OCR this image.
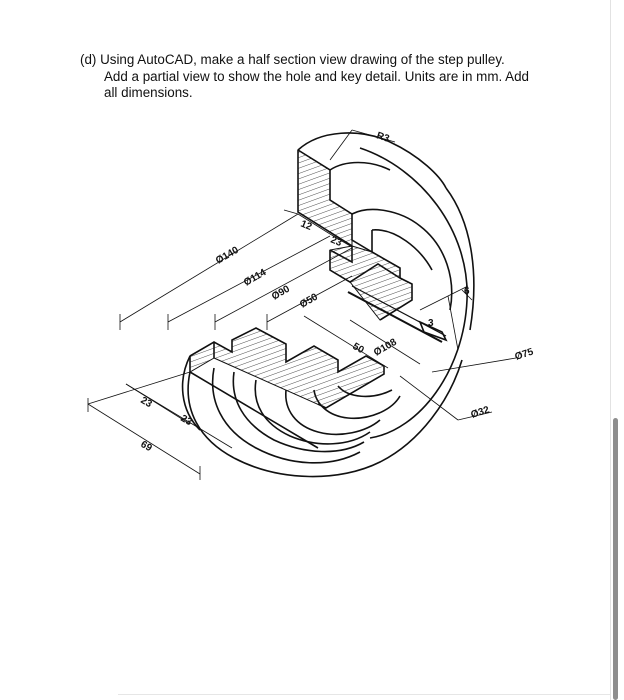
(d) Using AutoCAD, make a half section view drawing of the step pulley.
Add a partial view to show the hole and key detail. Units are in mm. Add
all dimensions.
R3
12
23
Ø140
Ø114
Ø90 Ø50
50 Ø108
3
6
Ø75
Ø32
23
23
69
